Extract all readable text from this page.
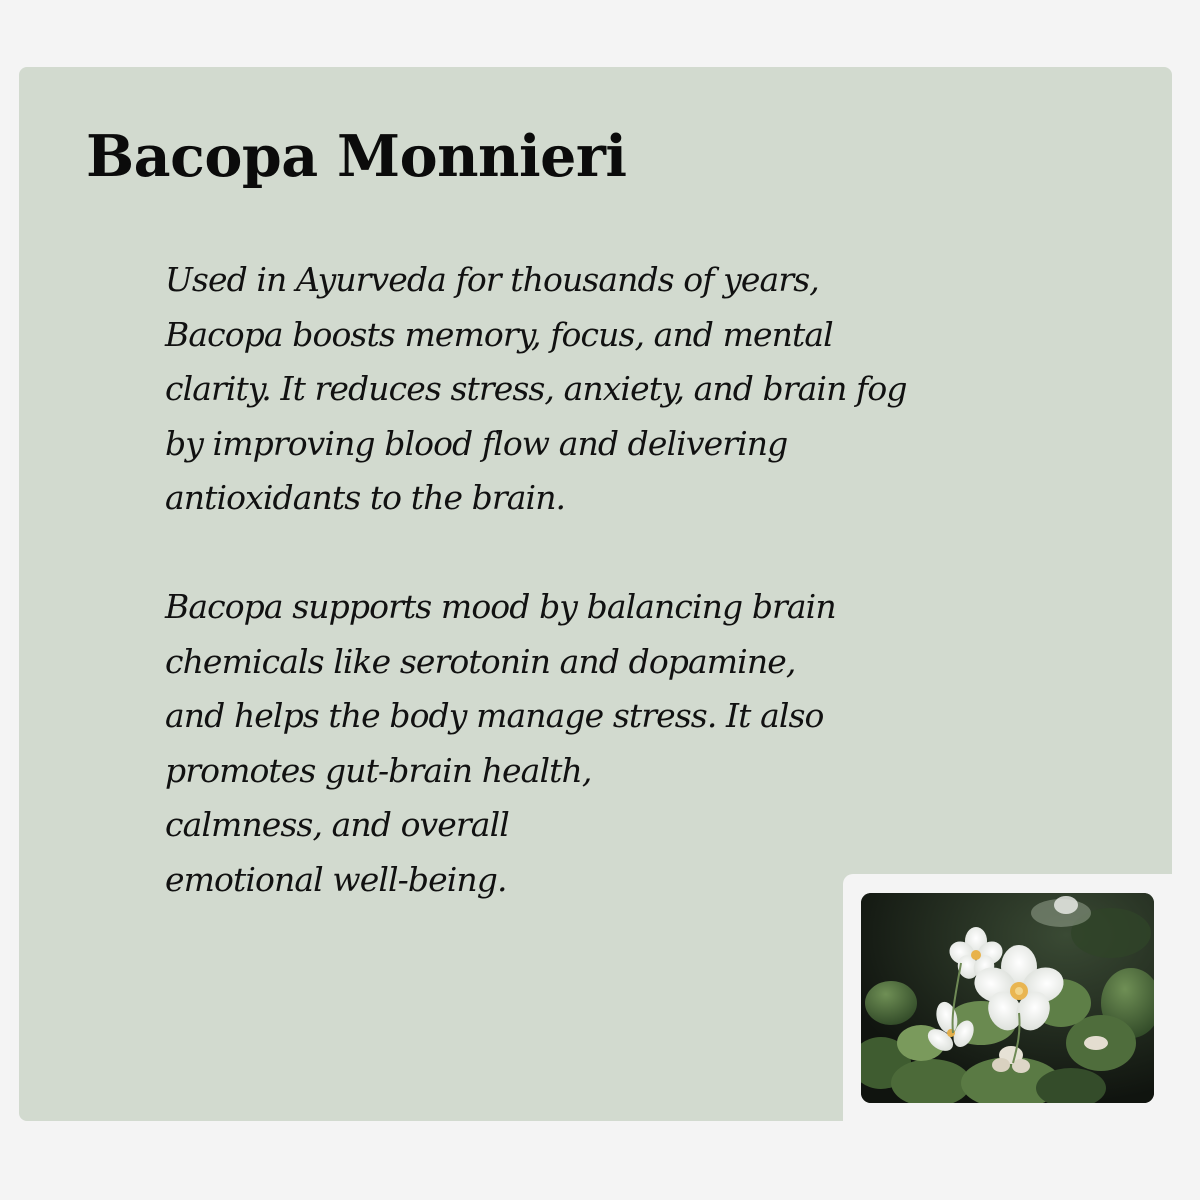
Bacopa Monnieri

Used in Ayurveda for thousands of years,
Bacopa boosts memory, focus, and mental
clarity. It reduces stress, anxiety, and brain fog
by improving blood flow and delivering
antioxidants to the brain.

Bacopa supports mood by balancing brain
chemicals like serotonin and dopamine,
and helps the body manage stress. It also
promotes gut-brain health,
calmness, and overall
emotional well-being.
